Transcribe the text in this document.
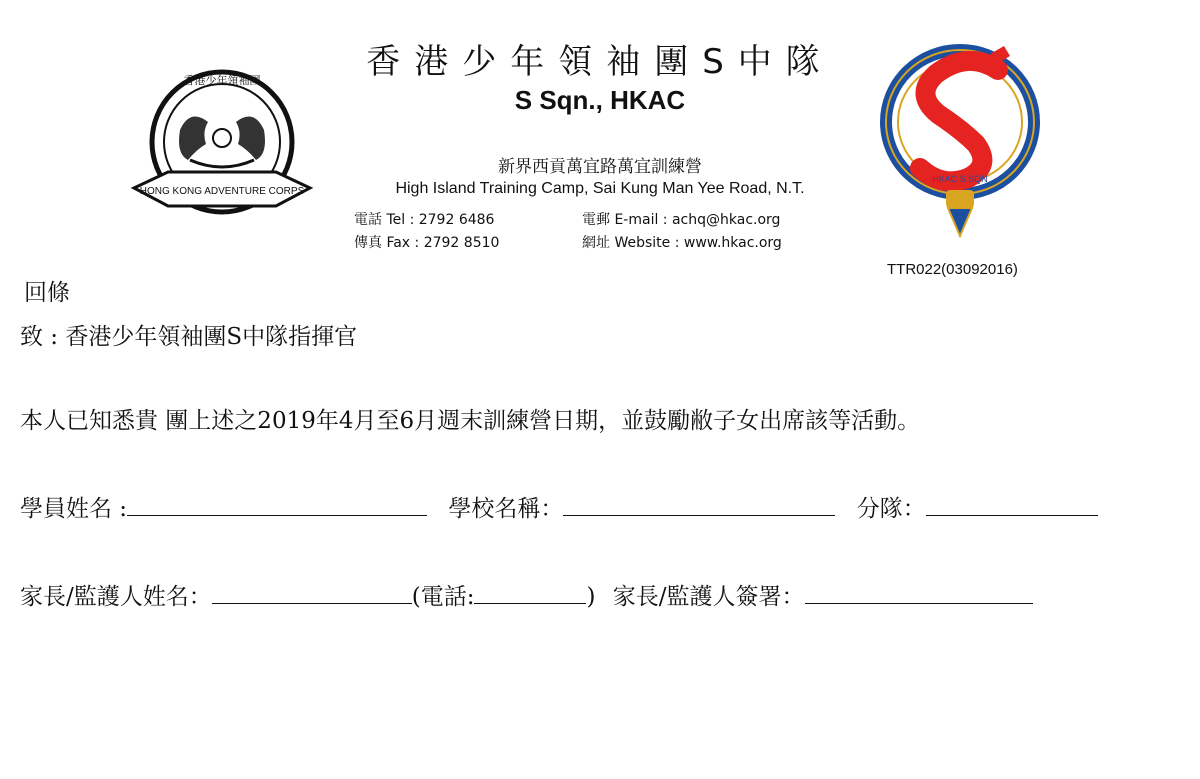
HONG KONG ADVENTURE CORPS
香港少年領袖團
HKAC S SQN
香港少年領袖團S中隊
S Sqn., HKAC
新界西貢萬宜路萬宜訓練營
High Island Training Camp, Sai Kung Man Yee Road, N.T.
電話 Tel : 2792 6486
傳真 Fax : 2792 8510
電郵 E-mail : achq@hkac.org
網址 Website : www.hkac.org
TTR022(03092016)
回條
致 : 香港少年領袖團S中隊指揮官
本人已知悉貴 團上述之2019年4月至6月週末訓練營日期，並鼓勵敝子女出席該等活動。
學員姓名 :	學校名稱：	分隊：
家長/監護人姓名：	(電話:	) 家長/監護人簽署：
